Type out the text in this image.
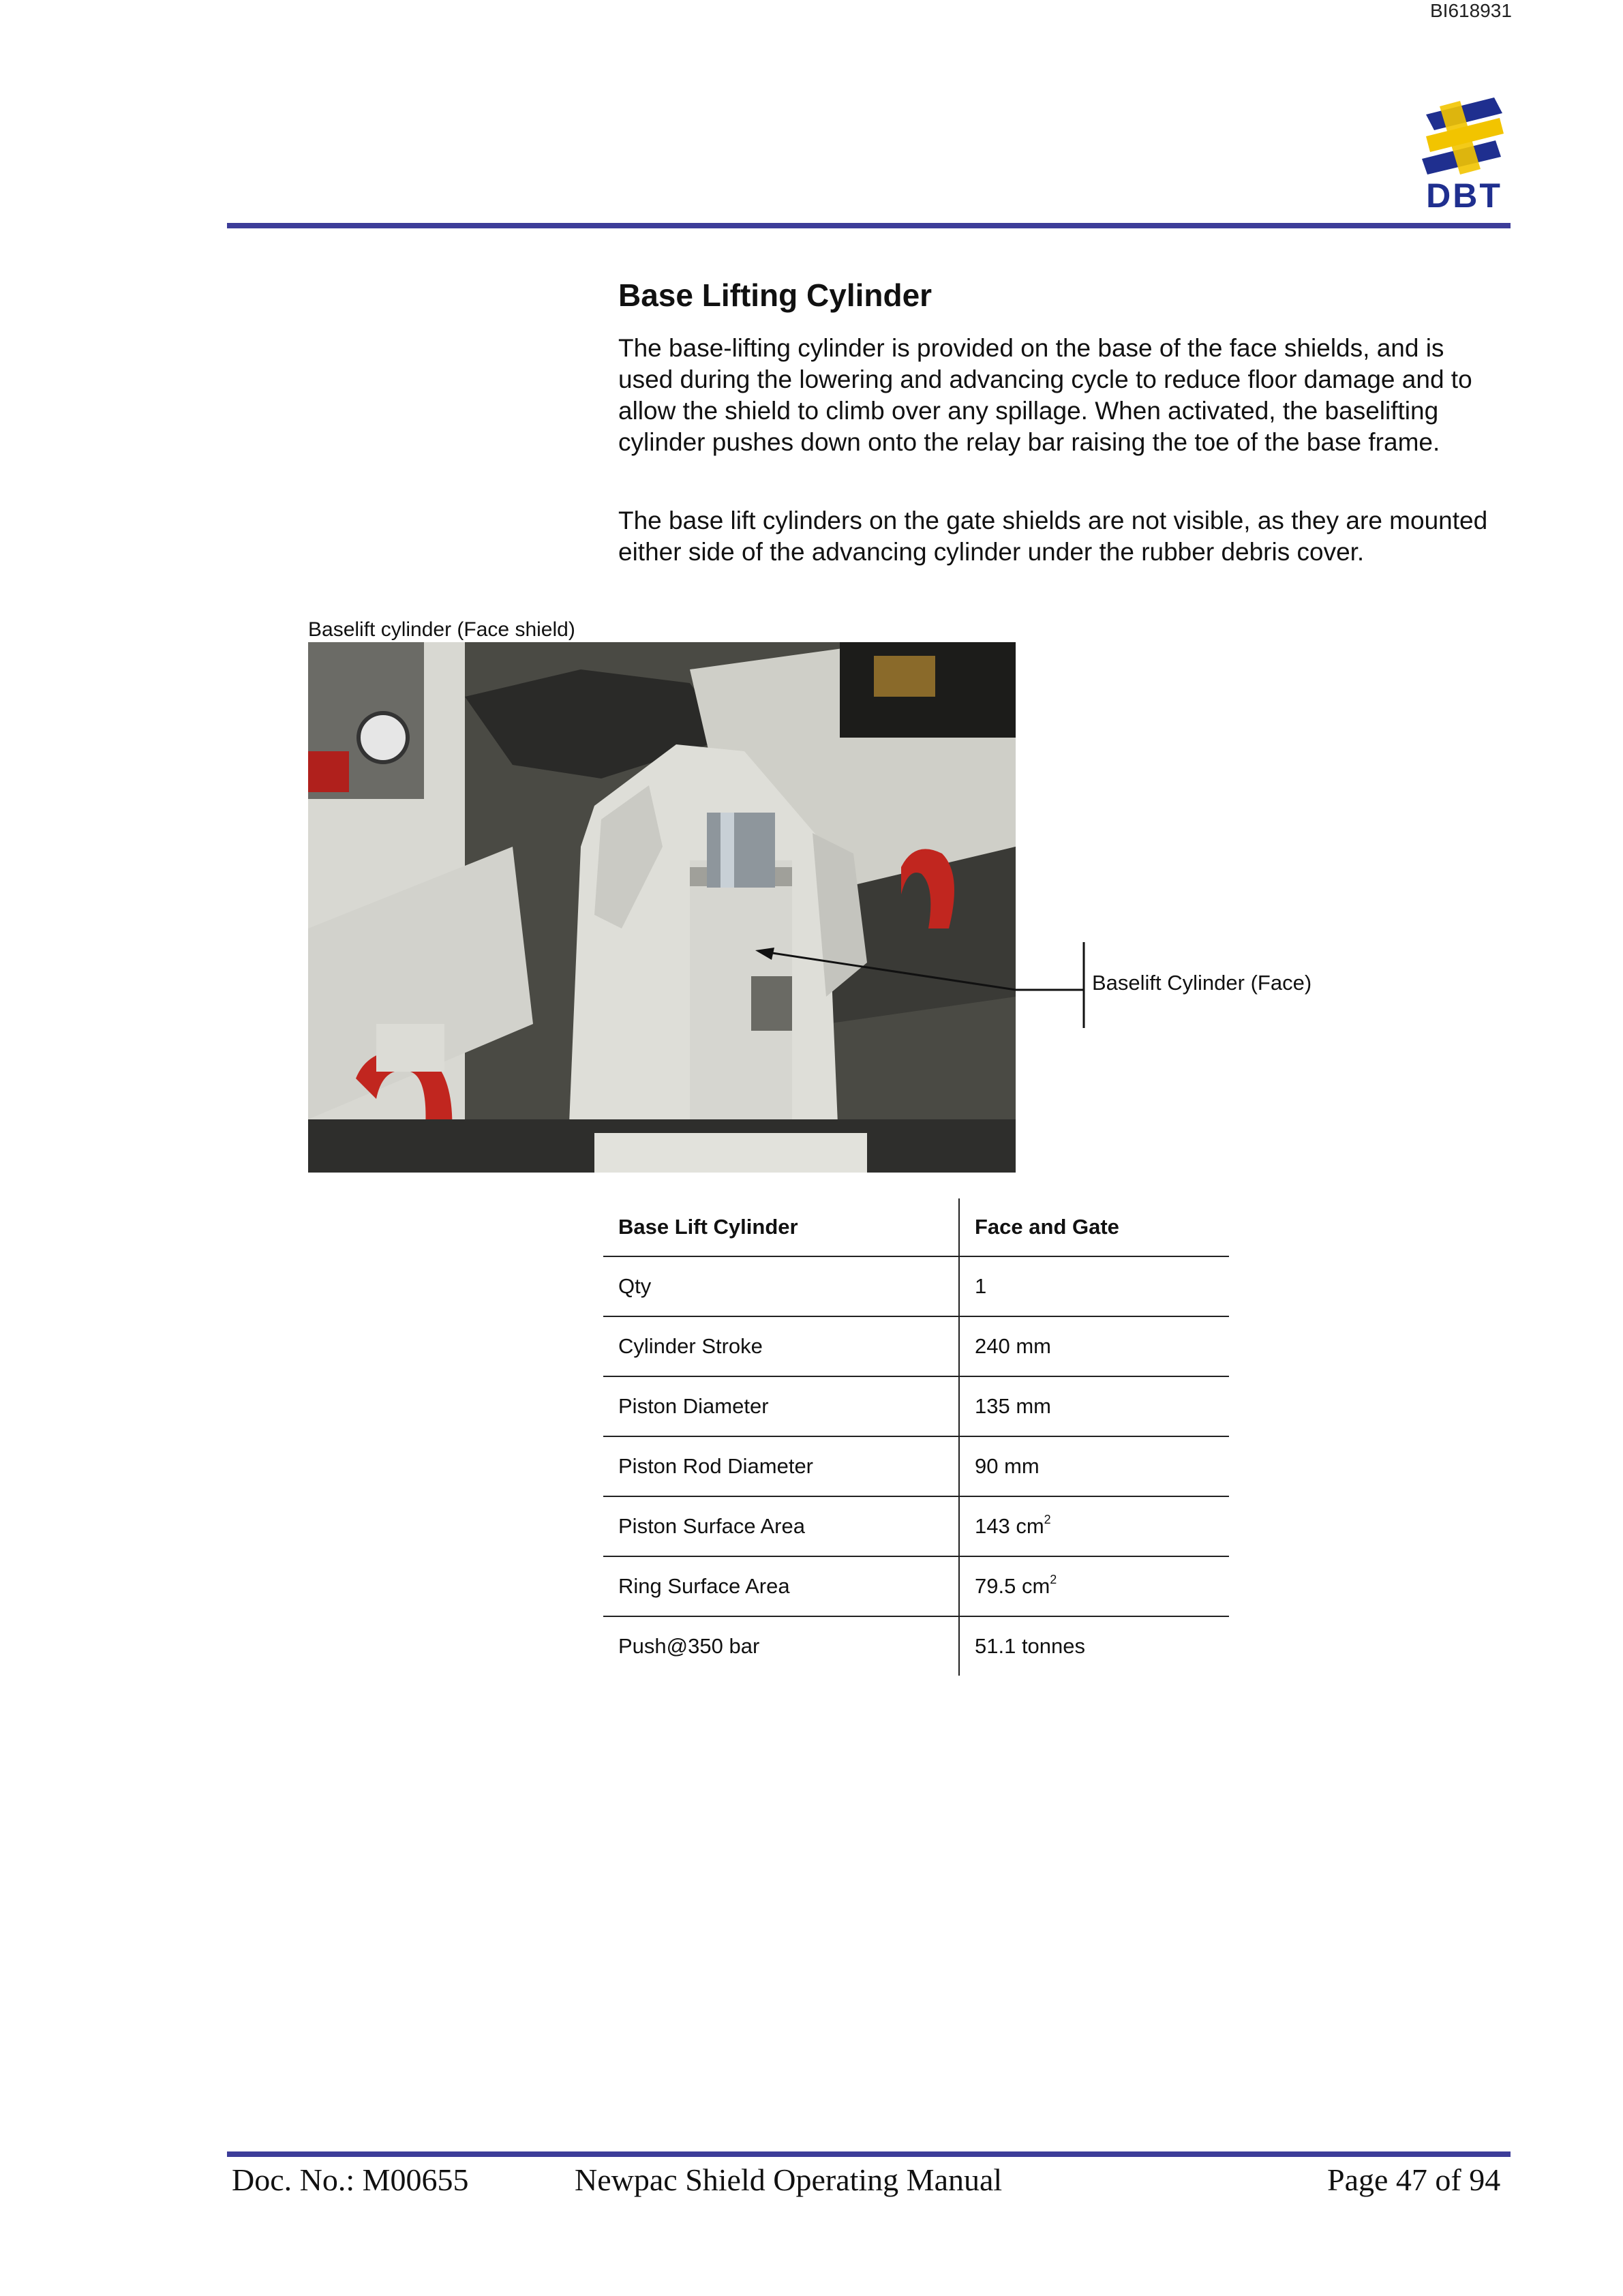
BI618931
DBT
Base Lifting Cylinder

The base-lifting cylinder is provided on the base of the face shields, and is used during the lowering and advancing cycle to reduce floor damage and to allow the shield to climb over any spillage. When activated, the baselifting cylinder pushes down onto the relay bar raising the toe of the base frame.

The base lift cylinders on the gate shields are not visible, as they are mounted either side of the advancing cylinder under the rubber debris cover.

Baselift cylinder (Face shield)
Baselift Cylinder (Face)
Base Lift Cylinder	Face and Gate
Qty	1
Cylinder Stroke	240 mm
Piston Diameter	135 mm
Piston Rod Diameter	90 mm
Piston Surface Area	143 $cm^2$
Ring Surface Area	79.5 $cm^2$
Push@350 bar	51.1 tonnes
Doc. No.: M00655	Newpac Shield Operating Manual	Page 47 of 94
